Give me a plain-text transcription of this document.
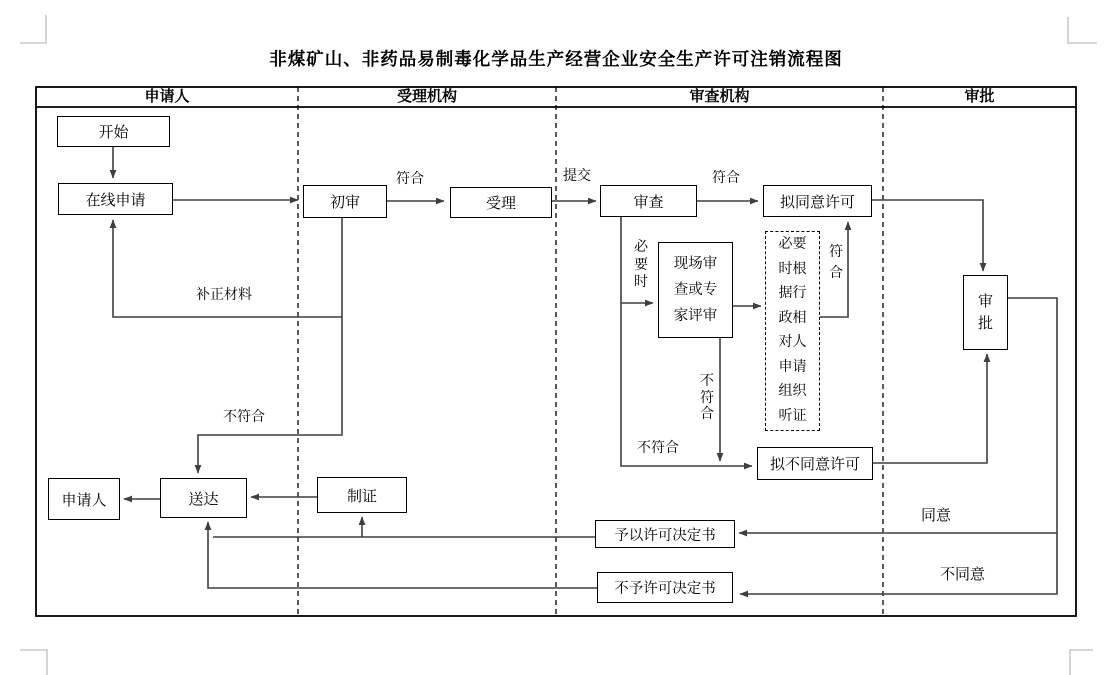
非煤矿山、非药品易制毒化学品生产经营企业安全生产许可注销流程图
申请人	受理机构	审查机构	审批
开始
在线申请	初审	受理	审查	拟同意许可
现场审查或专家评审
必要时根据行政相对人申请组织听证
审批
拟不同意许可
申请人	送达	制证
予以许可决定书
不予许可决定书
符合	提交	符合
必要时
符合
补正材料
不符合
不符合
不符合
同意
不同意
